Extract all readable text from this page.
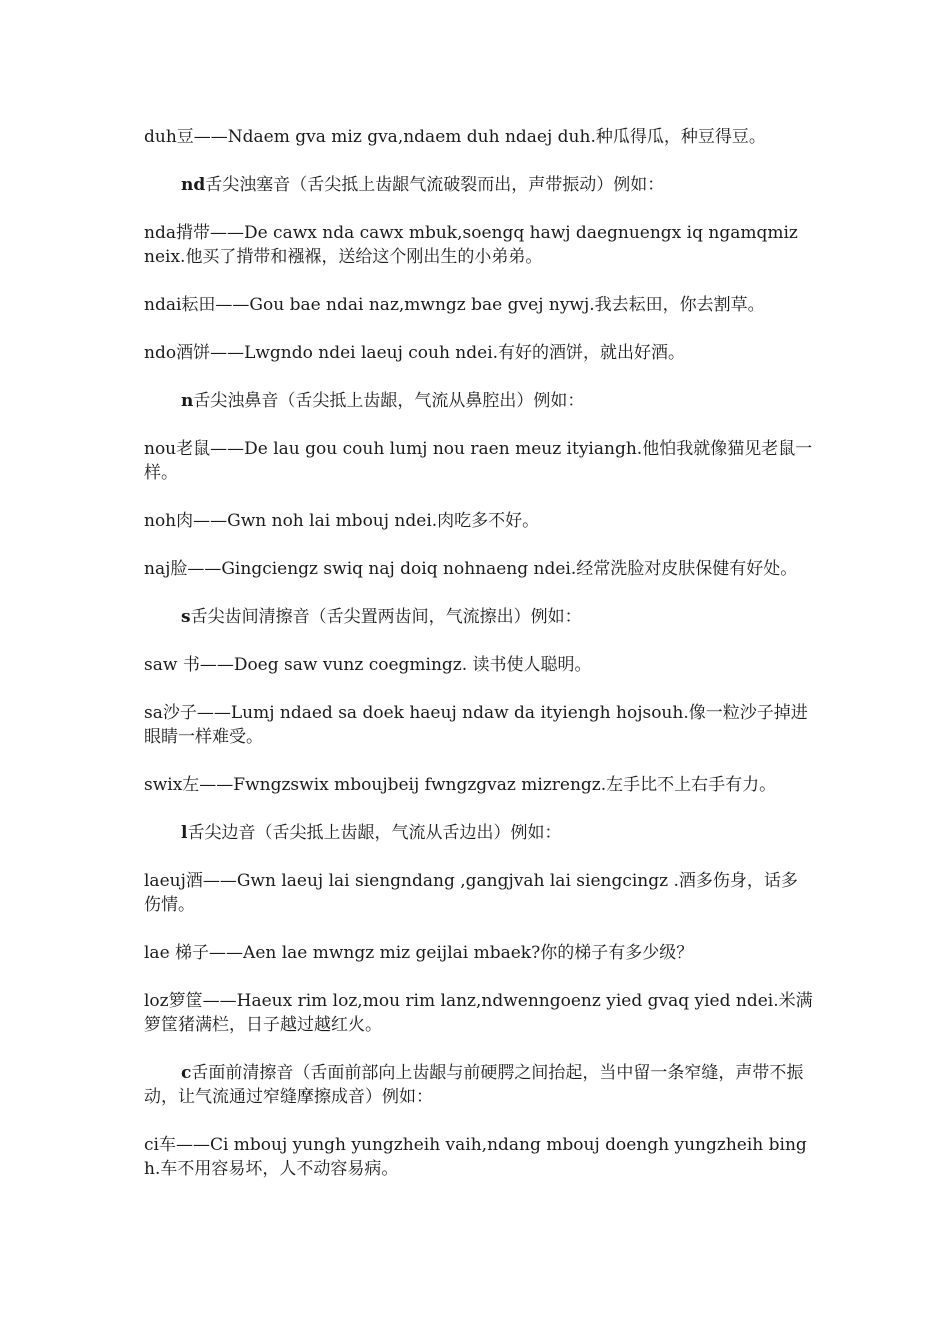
duh豆——Ndaem gva miz gva,ndaem duh ndaej duh.种瓜得瓜，种豆得豆。

nd舌尖浊塞音（舌尖抵上齿龈气流破裂而出，声带振动）例如：

nda揹带——De cawx nda cawx mbuk,soengq hawj daegnuengx iq ngamqmiz neix.他买了揹带和襁褓，送给这个刚出生的小弟弟。

ndai耘田——Gou bae ndai naz,mwngz bae gvej nywj.我去耘田，你去割草。

ndo酒饼——Lwgndo ndei laeuj couh ndei.有好的酒饼，就出好酒。

n舌尖浊鼻音（舌尖抵上齿龈，气流从鼻腔出）例如：

nou老鼠——De lau gou couh lumj nou raen meuz ityiangh.他怕我就像猫见老鼠一样。

noh肉——Gwn noh lai mbouj ndei.肉吃多不好。

naj脸——Gingciengz swiq naj doiq nohnaeng ndei.经常洗脸对皮肤保健有好处。

s舌尖齿间清擦音（舌尖置两齿间，气流擦出）例如：

saw 书——Doeg saw vunz coegmingz. 读书使人聪明。

sa沙子——Lumj ndaed sa doek haeuj ndaw da ityiengh hojsouh.像一粒沙子掉进眼睛一样难受。

swix左——Fwngzswix mboujbeij fwngzgvaz mizrengz.左手比不上右手有力。

l舌尖边音（舌尖抵上齿龈，气流从舌边出）例如：

laeuj酒——Gwn laeuj lai siengndang ,gangjvah lai siengcingz .酒多伤身，话多伤情。

lae 梯子——Aen lae mwngz miz geijlai mbaek?你的梯子有多少级？

loz箩筐——Haeux rim loz,mou rim lanz,ndwenngoenz yied gvaq yied ndei.米满箩筐猪满栏，日子越过越红火。

c舌面前清擦音（舌面前部向上齿龈与前硬腭之间抬起，当中留一条窄缝，声带不振动，让气流通过窄缝摩擦成音）例如：

ci车——Ci mbouj yungh yungzheih vaih,ndang mbouj doengh yungzheih bingh.车不用容易坏，人不动容易病。
